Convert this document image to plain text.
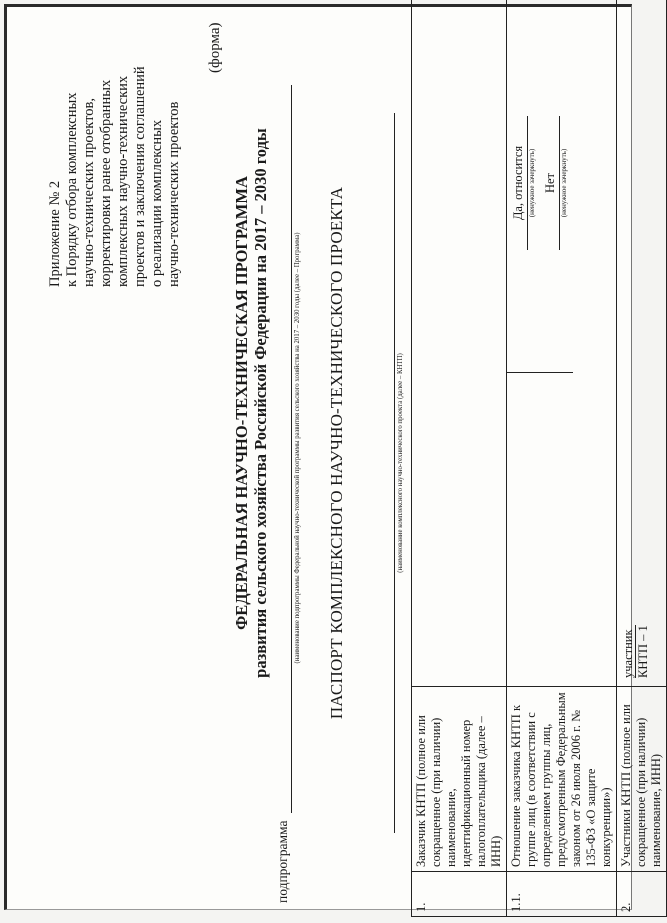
Приложение № 2 к Порядку отбора комплексных научно-технических проектов, корректировки ранее отобранных комплексных научно-технических проектов и заключения соглашений о реализации комплексных научно-технических проектов
(форма)
ФЕДЕРАЛЬНАЯ НАУЧНО-ТЕХНИЧЕСКАЯ ПРОГРАММА развития сельского хозяйства Российской Федерации на 2017 – 2030 годы
подпрограмма
(наименование подпрограммы Федеральной научно-технической программы развития сельского хозяйства на 2017 – 2030 годы (далее – Программа) ПАСПОРТ КОМПЛЕКСНОГО НАУЧНО-ТЕХНИЧЕСКОГО ПРОЕКТА	(наименование комплексного научно-технического проекта (далее – КНТП)
1.	Заказчик КНТП (полное или сокращенное (при наличии) наименование, идентификационный номер налогоплательщика (далее – ИНН)	
1.1.	Отношение заказчика КНТП к группе лиц (в соответствии с определением группы лиц, предусмотренным Федеральным законом от 26 июля 2006 г. № 135-ФЗ «О защите конкуренции»)	Да, относится (ненужное зачеркнуть) Нет (ненужное зачеркнуть)

2.	Участники КНТП (полное или сокращенное (при наличии) наименование, ИНН)	участник
КНТП – 1
